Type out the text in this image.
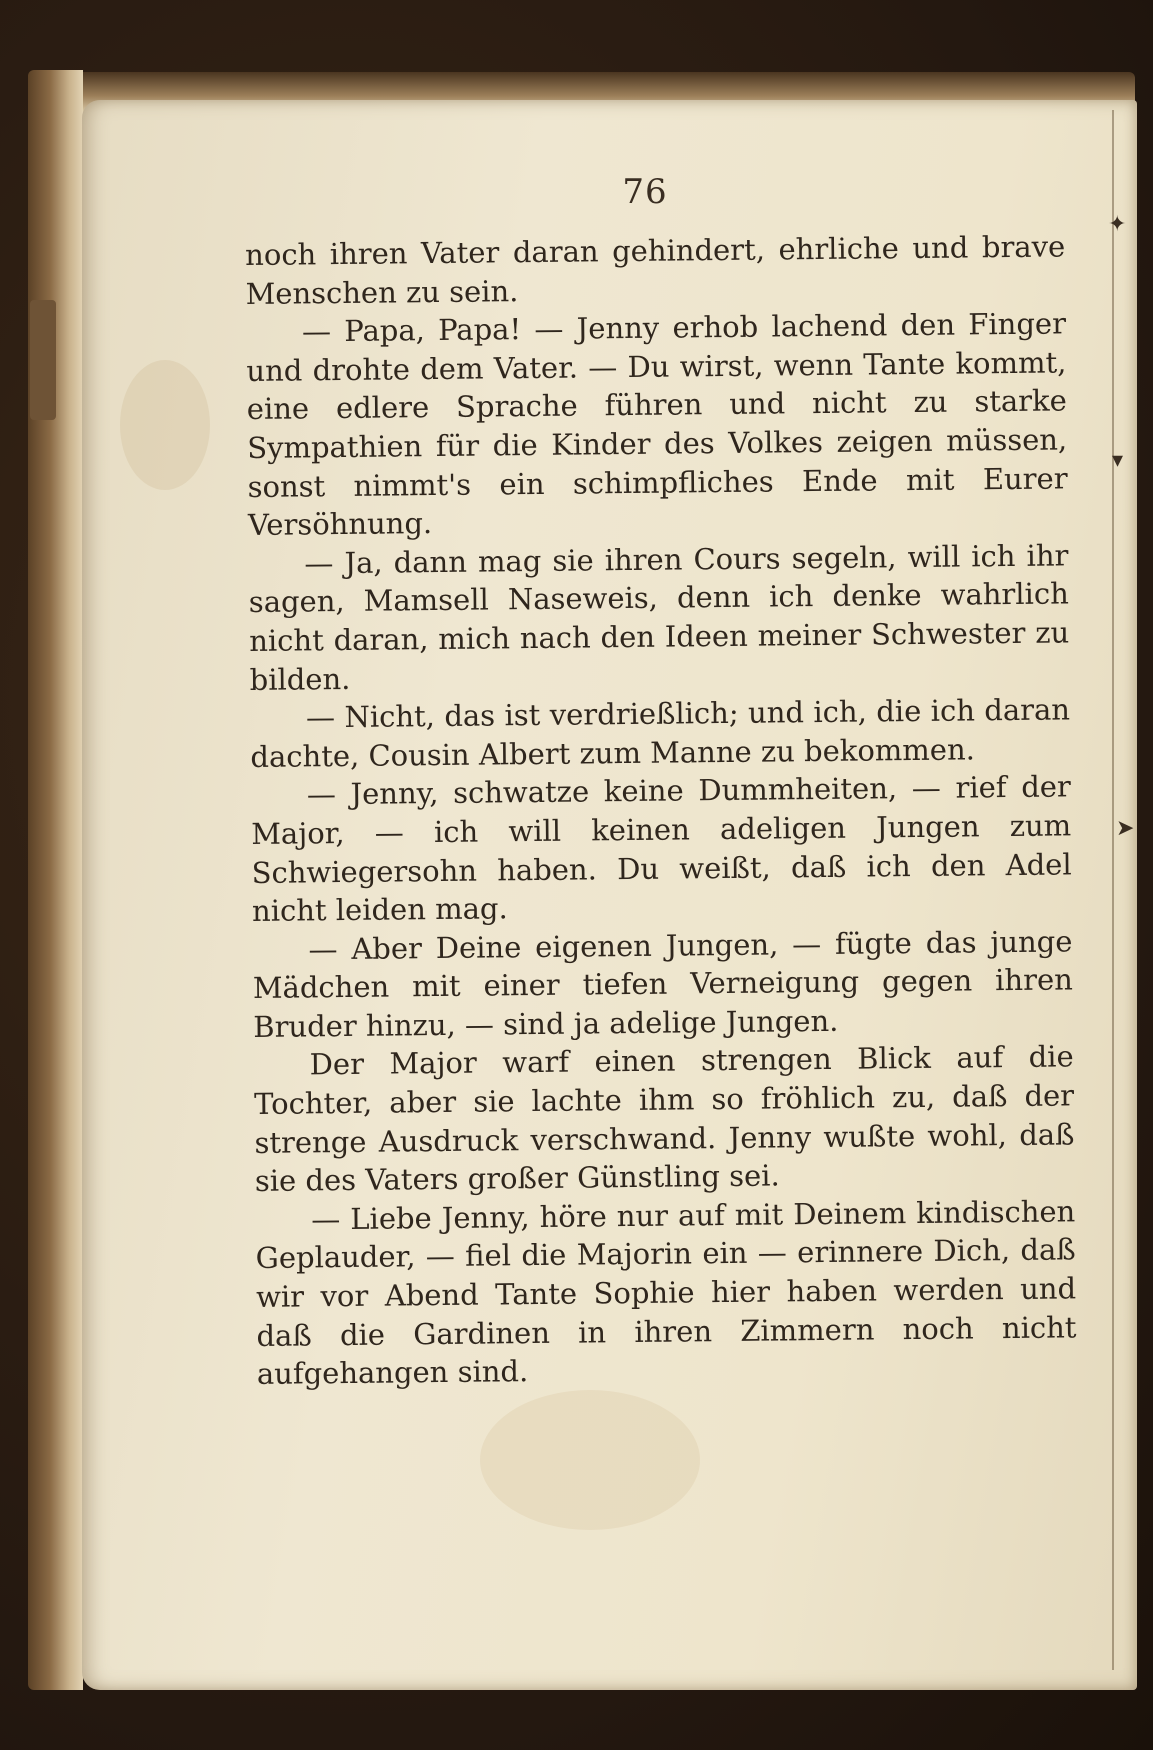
✦
▾
➤
76

noch ihren Vater daran gehindert, ehrliche und brave Menschen zu sein.

— Papa, Papa! — Jenny erhob lachend den Finger und drohte dem Vater. — Du wirst, wenn Tante kommt, eine edlere Sprache führen und nicht zu starke Sympathien für die Kinder des Volkes zeigen müssen, sonst nimmt's ein schimpfliches Ende mit Eurer Versöhnung.

— Ja, dann mag sie ihren Cours segeln, will ich ihr sagen, Mamsell Naseweis, denn ich denke wahrlich nicht daran, mich nach den Ideen meiner Schwester zu bilden.

— Nicht, das ist verdrießlich; und ich, die ich daran dachte, Cousin Albert zum Manne zu bekommen.

— Jenny, schwatze keine Dummheiten, — rief der Major, — ich will keinen adeligen Jungen zum Schwiegersohn haben. Du weißt, daß ich den Adel nicht leiden mag.

— Aber Deine eigenen Jungen, — fügte das junge Mädchen mit einer tiefen Verneigung gegen ihren Bruder hinzu, — sind ja adelige Jungen.

Der Major warf einen strengen Blick auf die Tochter, aber sie lachte ihm so fröhlich zu, daß der strenge Ausdruck verschwand. Jenny wußte wohl, daß sie des Vaters großer Günstling sei.

— Liebe Jenny, höre nur auf mit Deinem kindischen Geplauder, — fiel die Majorin ein — erinnere Dich, daß wir vor Abend Tante Sophie hier haben werden und daß die Gardinen in ihren Zimmern noch nicht aufgehangen sind.
